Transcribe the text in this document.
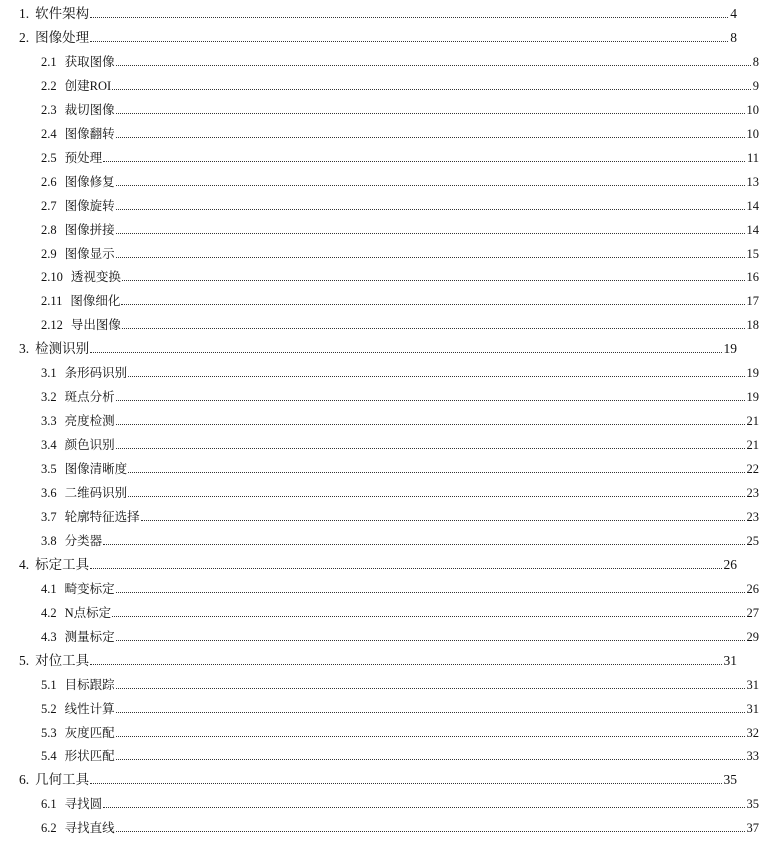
1. 软件架构	4
2. 图像处理	8
2.1 获取图像	8
2.2 创建ROI	9
2.3 裁切图像	10
2.4 图像翻转	10
2.5 预处理	11
2.6 图像修复	13
2.7 图像旋转	14
2.8 图像拼接	14
2.9 图像显示	15
2.10 透视变换	16
2.11 图像细化	17
2.12 导出图像	18
3. 检测识别	19
3.1 条形码识别	19
3.2 斑点分析	19
3.3 亮度检测	21
3.4 颜色识别	21
3.5 图像清晰度	22
3.6 二维码识别	23
3.7 轮廓特征选择	23
3.8 分类器	25
4. 标定工具	26
4.1 畸变标定	26
4.2 N点标定	27
4.3 测量标定	29
5. 对位工具	31
5.1 目标跟踪	31
5.2 线性计算	31
5.3 灰度匹配	32
5.4 形状匹配	33
6. 几何工具	35
6.1 寻找圆	35
6.2 寻找直线	37
